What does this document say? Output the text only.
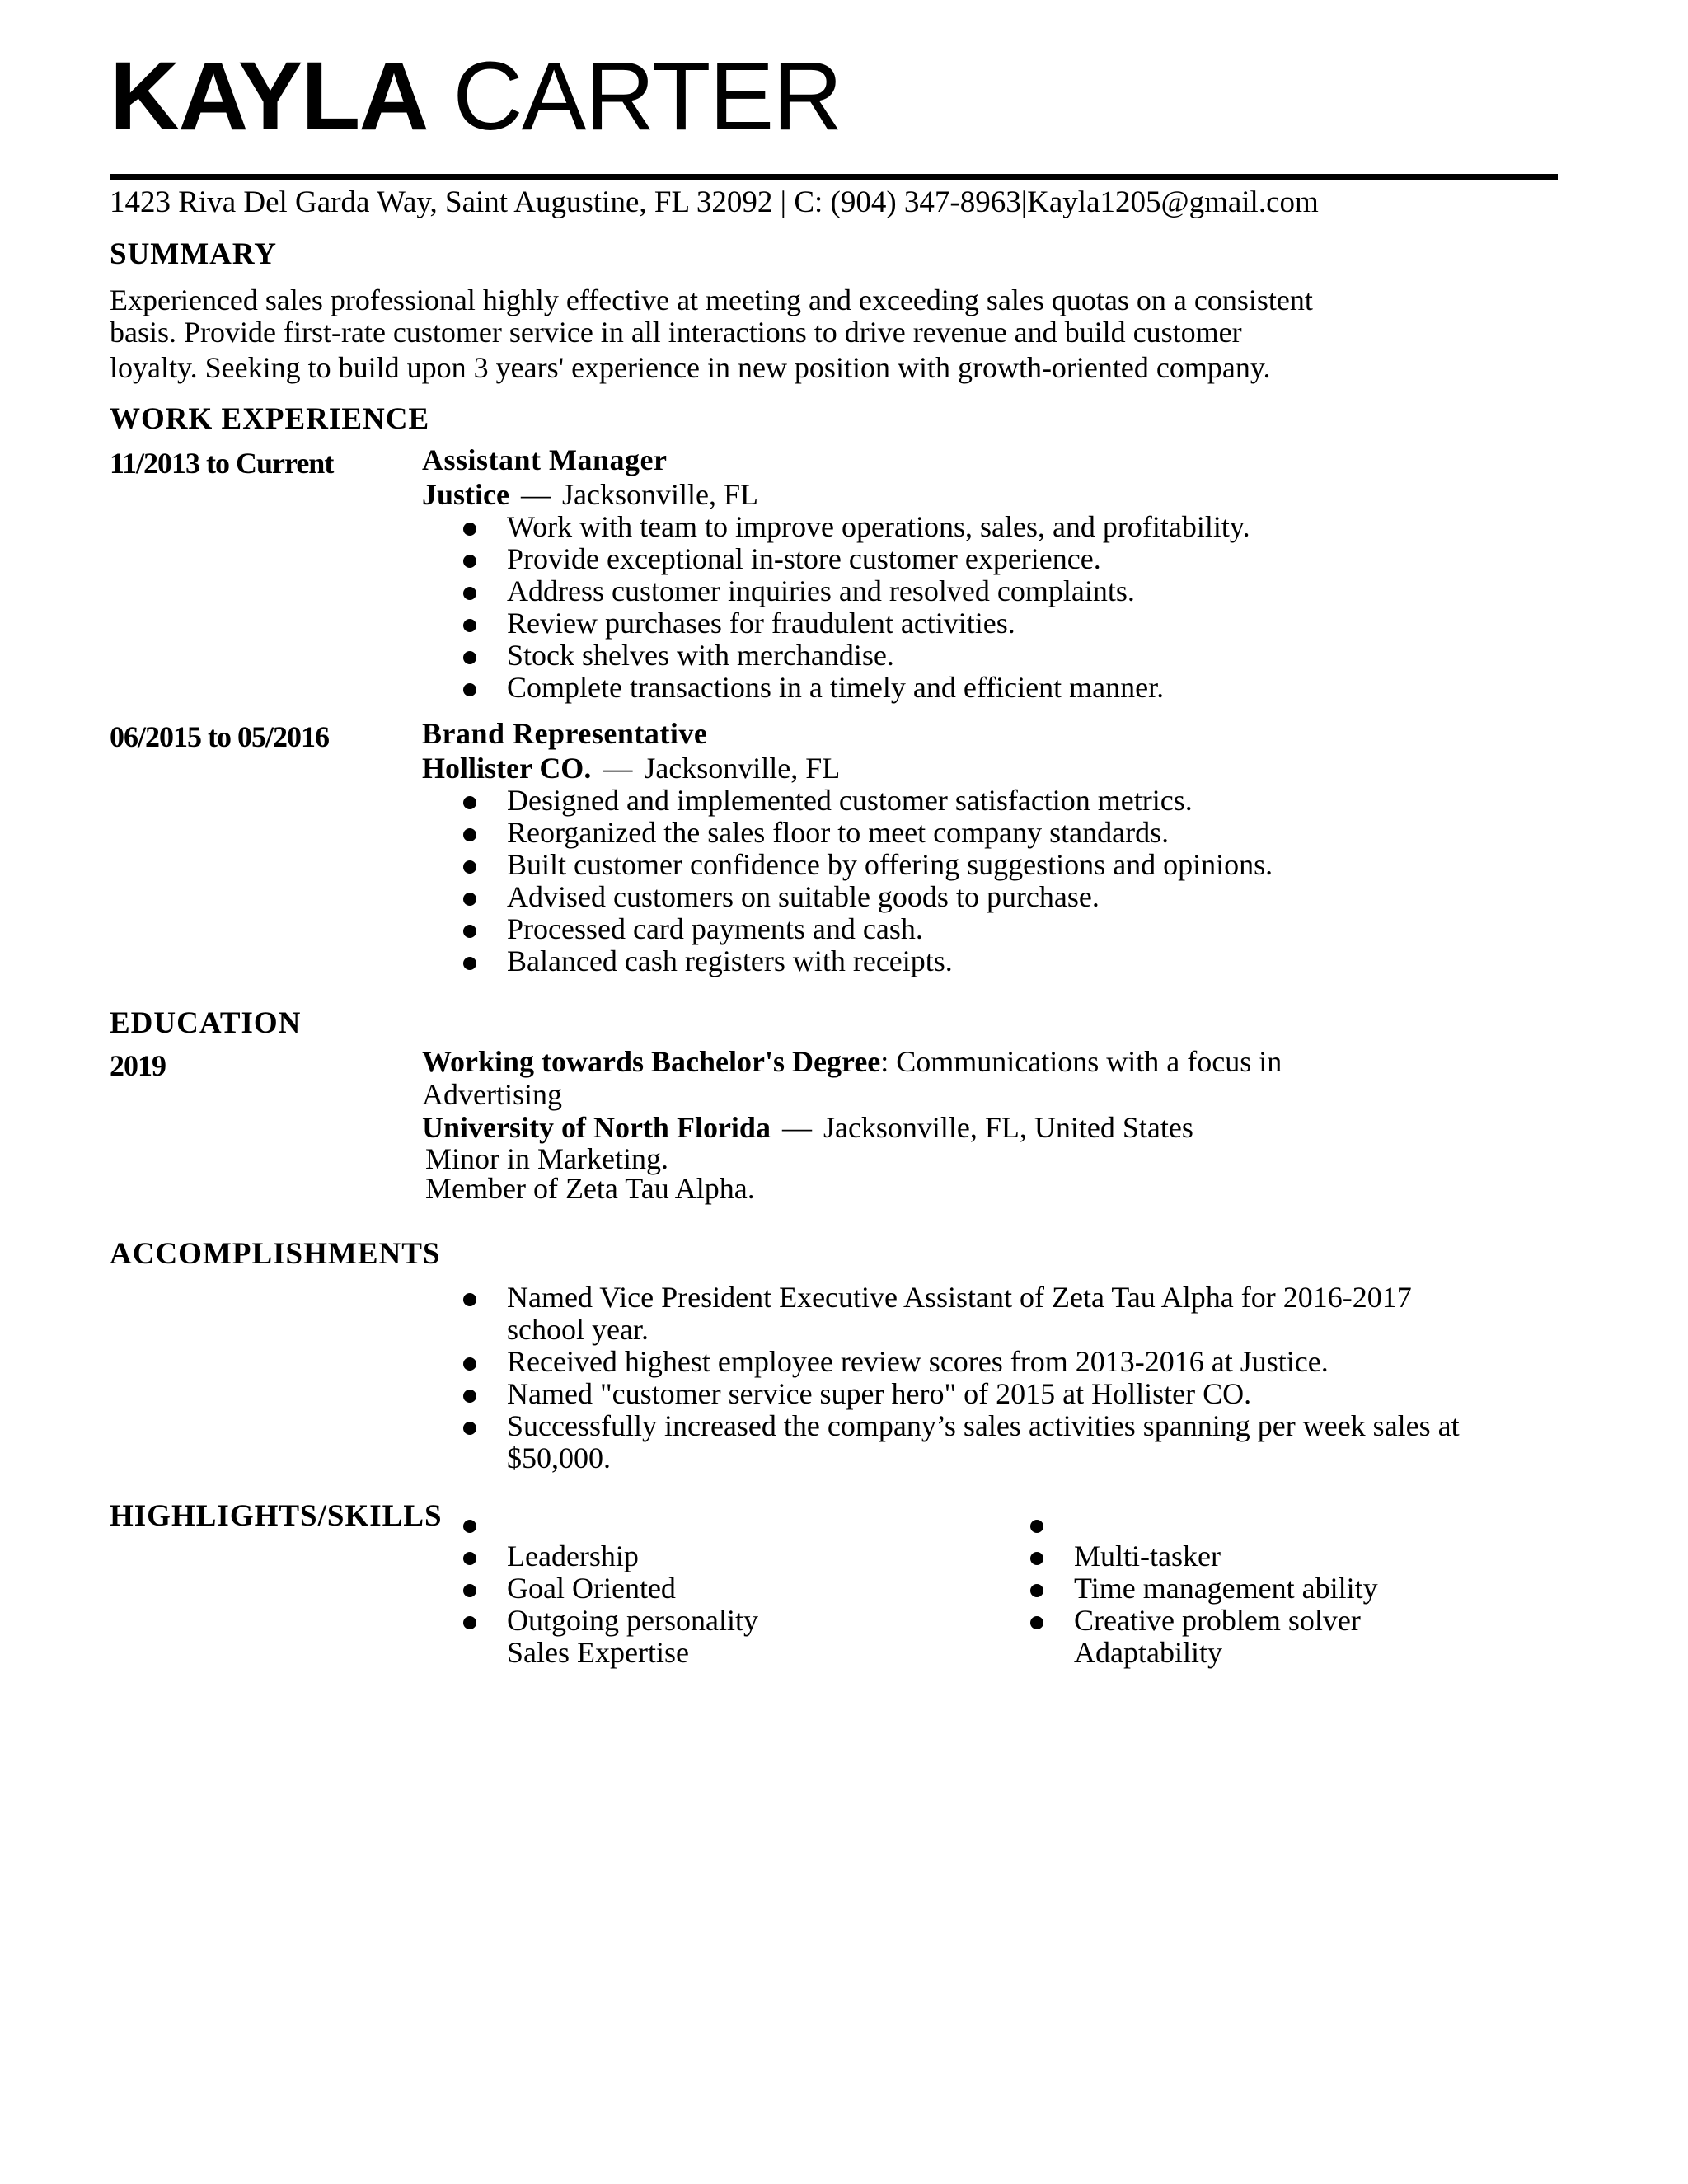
KAYLA CARTER
1423 Riva Del Garda Way, Saint Augustine, FL 32092 | C: (904) 347-8963|Kayla1205@gmail.com
SUMMARY

Experienced sales professional highly effective at meeting and exceeding sales quotas on a consistent

basis. Provide first-rate customer service in all interactions to drive revenue and build customer

loyalty. Seeking to build upon 3 years' experience in new position with growth-oriented company.

WORK EXPERIENCE
11/2013 to Current	Assistant Manager
Justice — Jacksonville, FL
Work with team to improve operations, sales, and profitability.
Provide exceptional in-store customer experience.
Address customer inquiries and resolved complaints.
Review purchases for fraudulent activities.
Stock shelves with merchandise.
Complete transactions in a timely and efficient manner.
06/2015 to 05/2016	Brand Representative
Hollister CO. — Jacksonville, FL
Designed and implemented customer satisfaction metrics.
Reorganized the sales floor to meet company standards.
Built customer confidence by offering suggestions and opinions.
Advised customers on suitable goods to purchase.
Processed card payments and cash.
Balanced cash registers with receipts.
EDUCATION
2019	Working towards Bachelor's Degree: Communications with a focus in
Advertising
University of North Florida — Jacksonville, FL, United States
Minor in Marketing.
Member of Zeta Tau Alpha.
ACCOMPLISHMENTS
Named Vice President Executive Assistant of Zeta Tau Alpha for 2016-2017
school year.
Received highest employee review scores from 2013-2016 at Justice.
Named "customer service super hero" of 2015 at Hollister CO.
Successfully increased the company’s sales activities spanning per week sales at
$50,000.
HIGHLIGHTS/SKILLS
Leadership
Goal Oriented
Outgoing personality
Sales Expertise
Multi-tasker
Time management ability
Creative problem solver
Adaptability
